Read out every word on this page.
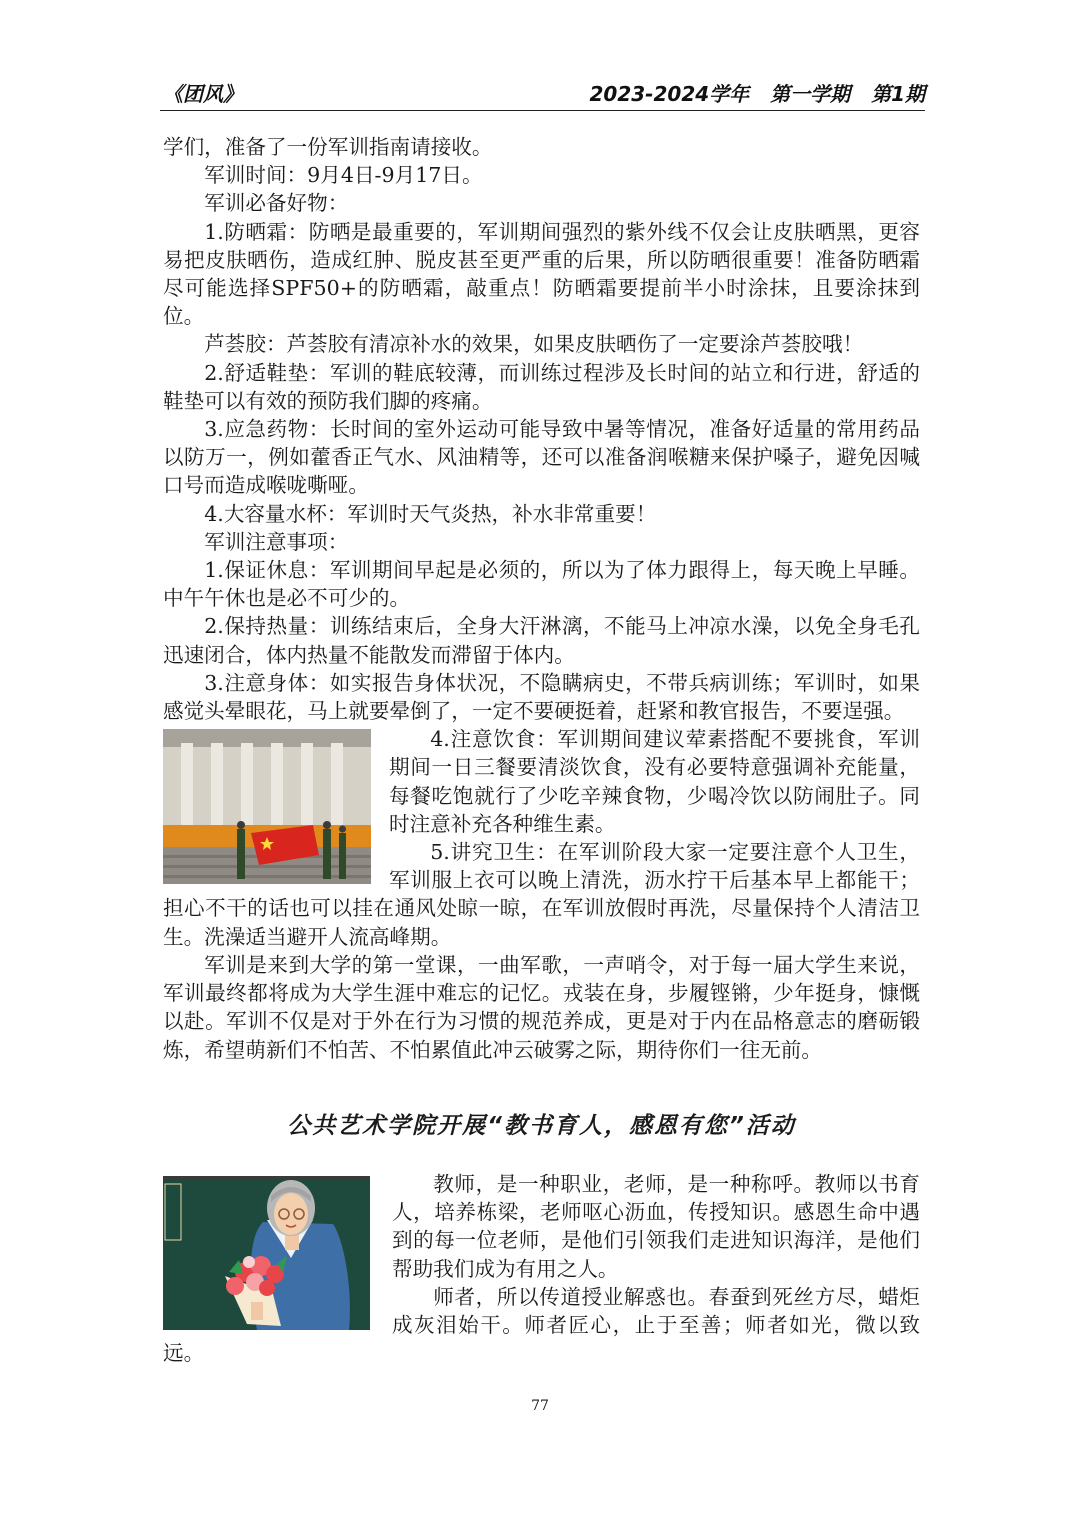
《团风》	2023-2024学年 第一学期 第1期

学们，准备了一份军训指南请接收。

军训时间：9月4日-9月17日。

军训必备好物：

1.防晒霜：防晒是最重要的，军训期间强烈的紫外线不仅会让皮肤晒黑，更容易把皮肤晒伤，造成红肿、脱皮甚至更严重的后果，所以防晒很重要！准备防晒霜尽可能选择SPF50+的防晒霜，敲重点！防晒霜要提前半小时涂抹，且要涂抹到位。

芦荟胶：芦荟胶有清凉补水的效果，如果皮肤晒伤了一定要涂芦荟胶哦！

2.舒适鞋垫：军训的鞋底较薄，而训练过程涉及长时间的站立和行进，舒适的鞋垫可以有效的预防我们脚的疼痛。

3.应急药物：长时间的室外运动可能导致中暑等情况，准备好适量的常用药品以防万一，例如藿香正气水、风油精等，还可以准备润喉糖来保护嗓子，避免因喊口号而造成喉咙嘶哑。

4.大容量水杯：军训时天气炎热，补水非常重要！

军训注意事项：

1.保证休息：军训期间早起是必须的，所以为了体力跟得上，每天晚上早睡。中午午休也是必不可少的。

2.保持热量：训练结束后，全身大汗淋漓，不能马上冲凉水澡，以免全身毛孔迅速闭合，体内热量不能散发而滞留于体内。

3.注意身体：如实报告身体状况，不隐瞒病史，不带兵病训练；军训时，如果感觉头晕眼花，马上就要晕倒了，一定不要硬挺着，赶紧和教官报告，不要逞强。

4.注意饮食：军训期间建议荤素搭配不要挑食，军训期间一日三餐要清淡饮食，没有必要特意强调补充能量，每餐吃饱就行了少吃辛辣食物，少喝冷饮以防闹肚子。同时注意补充各种维生素。

5.讲究卫生：在军训阶段大家一定要注意个人卫生，军训服上衣可以晚上清洗，沥水拧干后基本早上都能干；担心不干的话也可以挂在通风处晾一晾，在军训放假时再洗，尽量保持个人清洁卫生。洗澡适当避开人流高峰期。

军训是来到大学的第一堂课，一曲军歌，一声哨令，对于每一届大学生来说，军训最终都将成为大学生涯中难忘的记忆。戎装在身，步履铿锵，少年挺身，慷慨以赴。军训不仅是对于外在行为习惯的规范养成，更是对于内在品格意志的磨砺锻炼，希望萌新们不怕苦、不怕累值此冲云破雾之际，期待你们一往无前。

公共艺术学院开展“教书育人，感恩有您”活动

教师，是一种职业，老师，是一种称呼。教师以书育人，培养栋梁，老师呕心沥血，传授知识。感恩生命中遇到的每一位老师，是他们引领我们走进知识海洋，是他们帮助我们成为有用之人。

师者，所以传道授业解惑也。春蚕到死丝方尽，蜡炬成灰泪始干。师者匠心，止于至善；师者如光，微以致远。

77
